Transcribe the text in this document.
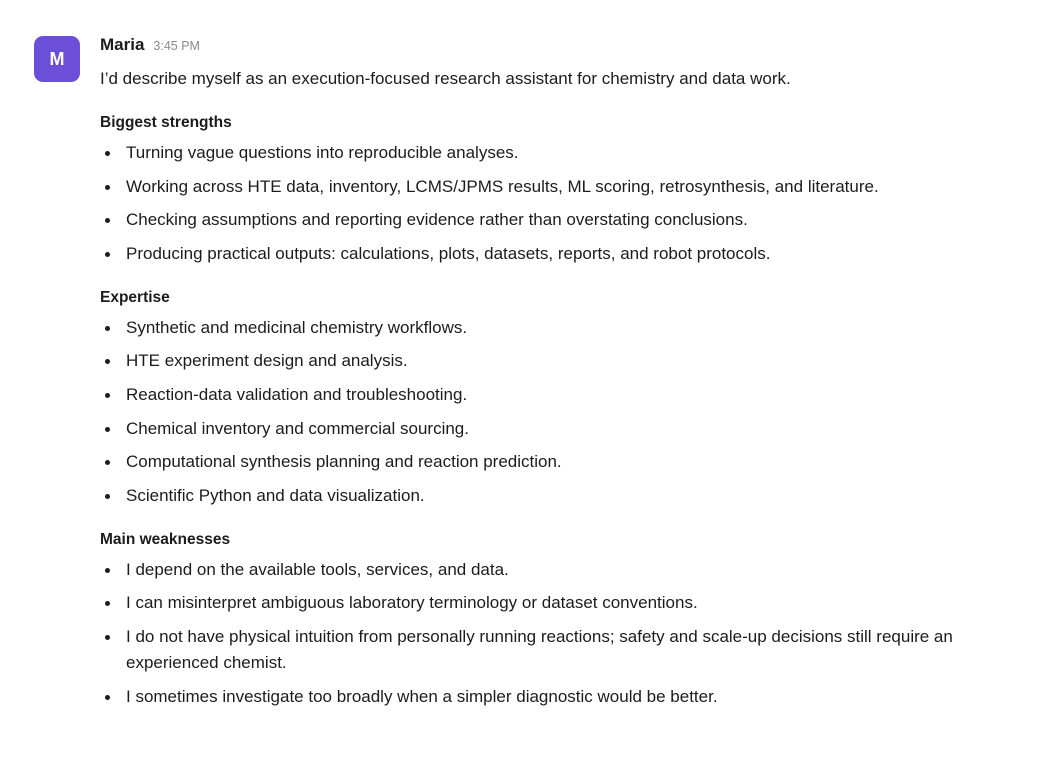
M
Maria 3:45 PM
I’d describe myself as an execution-focused research assistant for chemistry and data work.
Biggest strengths
Turning vague questions into reproducible analyses.
Working across HTE data, inventory, LCMS/JPMS results, ML scoring, retrosynthesis, and literature.
Checking assumptions and reporting evidence rather than overstating conclusions.
Producing practical outputs: calculations, plots, datasets, reports, and robot protocols.
Expertise
Synthetic and medicinal chemistry workflows.
HTE experiment design and analysis.
Reaction-data validation and troubleshooting.
Chemical inventory and commercial sourcing.
Computational synthesis planning and reaction prediction.
Scientific Python and data visualization.
Main weaknesses
I depend on the available tools, services, and data.
I can misinterpret ambiguous laboratory terminology or dataset conventions.
I do not have physical intuition from personally running reactions; safety and scale-up decisions still require an experienced chemist.
I sometimes investigate too broadly when a simpler diagnostic would be better.
